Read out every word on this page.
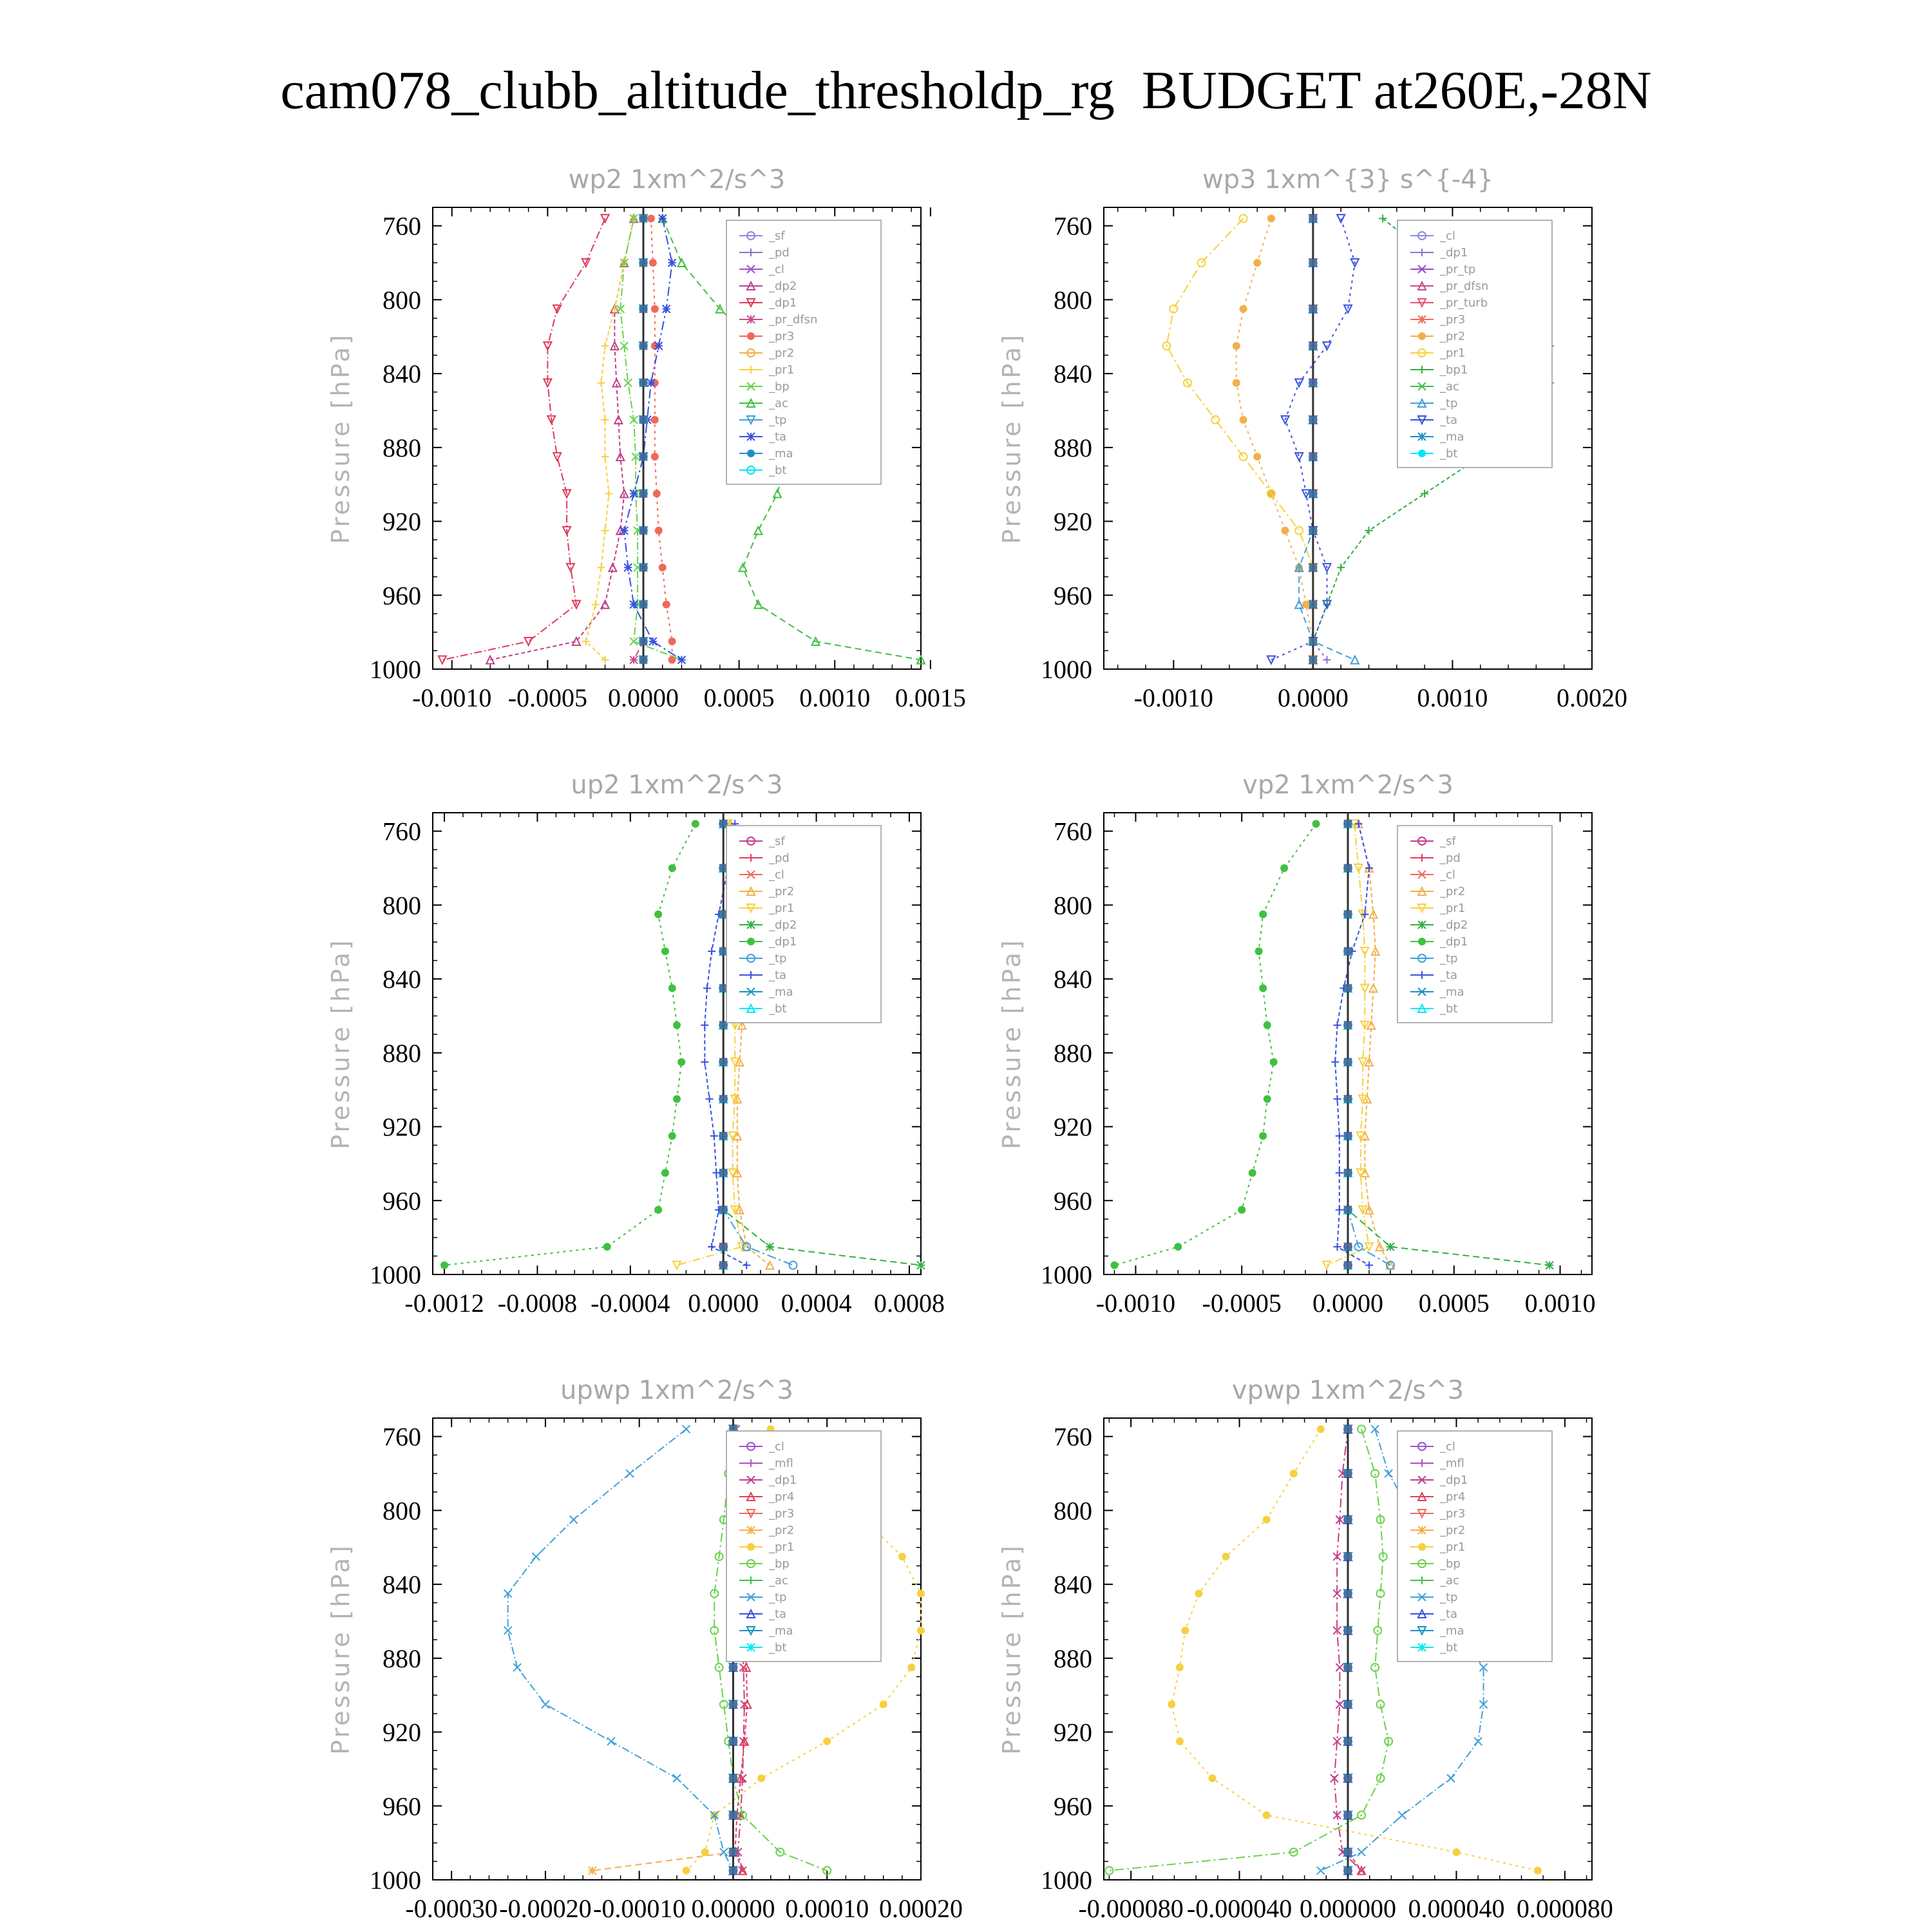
cam078_clubb_altitude_thresholdp_rg  BUDGET at260E,-28N
wp2 1xm^2/s^3
Pressure [hPa]
760
800
840
880
920
960
1000
-0.0010 -0.0005 0.0000 0.0005 0.0010 0.0015
_sf
_pd
_cl
_dp2
_dp1
_pr_dfsn
_pr3
_pr2
_pr1
_bp
_ac
_tp
_ta
_ma
_bt
wp3 1xm^{3} s^{-4}
Pressure [hPa]
760
800
840
880
920
960
1000
-0.0010 0.0000	0.0010	0.0020
_cl
_dp1
_pr_tp
_pr_dfsn
_pr_turb
_pr3
_pr2
_pr1
_bp1
_ac
_tp
_ta
_ma
_bt
up2 1xm^2/s^3
Pressure [hPa]
760
800
840
880
920
960
1000
-0.0012 -0.0008 -0.0004 0.0000 0.0004 0.0008
_sf
_pd
_cl
_pr2
_pr1
_dp2
_dp1
_tp
_ta
_ma
_bt
vp2 1xm^2/s^3
Pressure [hPa]
760
800
840
880
920
960
1000
-0.0010 -0.0005 0.0000 0.0005 0.0010
_sf
_pd
_cl
_pr2
_pr1
_dp2
_dp1
_tp
_ta
_ma
_bt
upwp 1xm^2/s^3
Pressure [hPa]
760
800
840
880
920
960
1000
-0.00030 -0.00020 -0.00010 0.00000 0.00010 0.00020
_cl
_mfl
_dp1
_pr4
_pr3
_pr2
_pr1
_bp
_ac
_tp
_ta
_ma
_bt
vpwp 1xm^2/s^3
Pressure [hPa]
760
800
840
880
920
960
1000
-0.000080 -0.000040 0.000000 0.000040 0.000080
_cl
_mfl
_dp1
_pr4
_pr3
_pr2
_pr1
_bp
_ac
_tp
_ta
_ma
_bt
